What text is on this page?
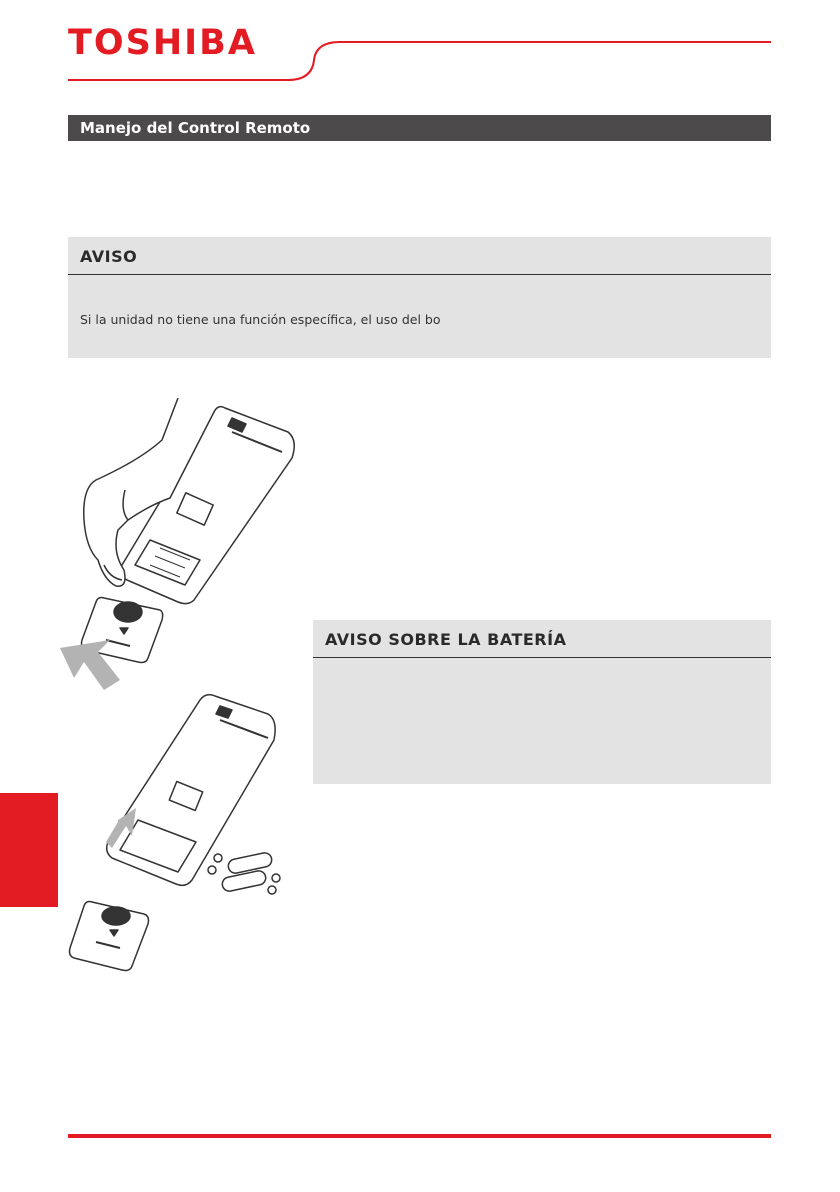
TOSHIBA
Manejo del Control Remoto
AVISO
Si la unidad no tiene una función específica, el uso del bo
AVISO SOBRE LA BATERÍA
